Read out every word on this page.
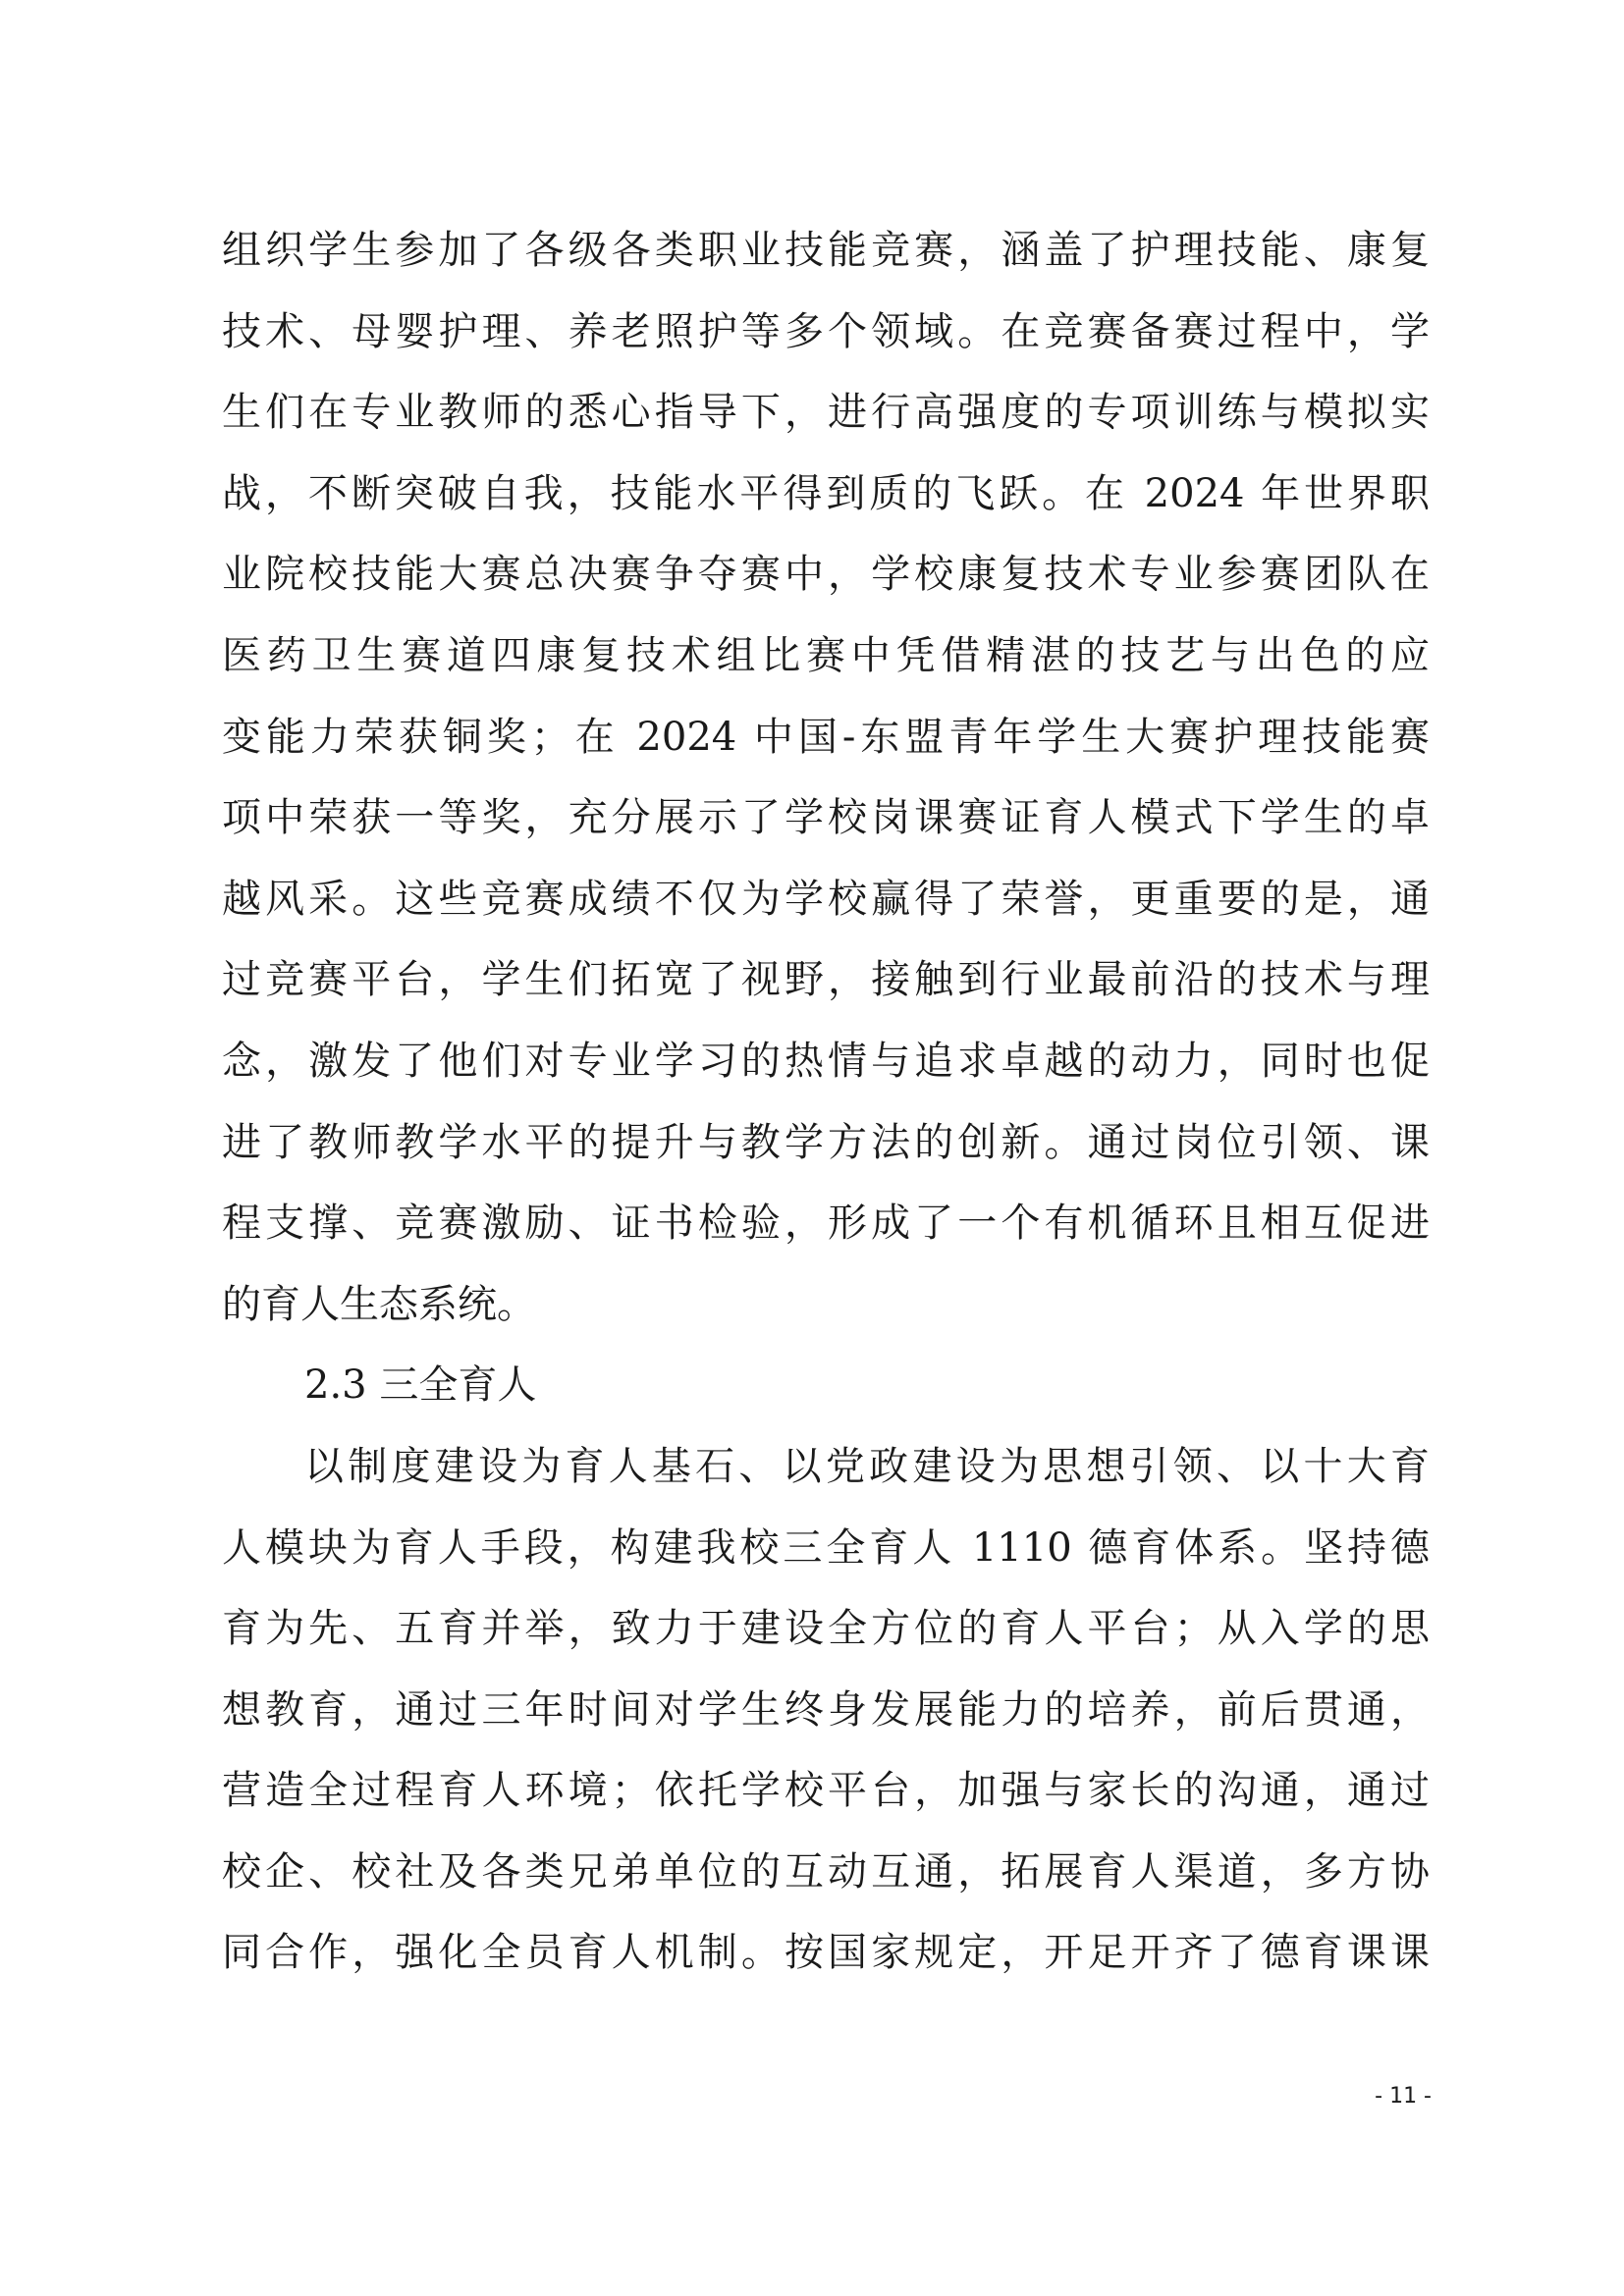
组织学生参加了各级各类职业技能竞赛，涵盖了护理技能、康复
技术、母婴护理、养老照护等多个领域。在竞赛备赛过程中，学
生们在专业教师的悉心指导下，进行高强度的专项训练与模拟实
战，不断突破自我，技能水平得到质的飞跃。在 2024 年世界职
业院校技能大赛总决赛争夺赛中，学校康复技术专业参赛团队在
医药卫生赛道四康复技术组比赛中凭借精湛的技艺与出色的应
变能力荣获铜奖；在 2024 中国-东盟青年学生大赛护理技能赛
项中荣获一等奖，充分展示了学校岗课赛证育人模式下学生的卓
越风采。这些竞赛成绩不仅为学校赢得了荣誉，更重要的是，通
过竞赛平台，学生们拓宽了视野，接触到行业最前沿的技术与理
念，激发了他们对专业学习的热情与追求卓越的动力，同时也促
进了教师教学水平的提升与教学方法的创新。通过岗位引领、课
程支撑、竞赛激励、证书检验，形成了一个有机循环且相互促进
的育人生态系统。
2.3 三全育人
以制度建设为育人基石、以党政建设为思想引领、以十大育
人模块为育人手段，构建我校三全育人 1110 德育体系。坚持德
育为先、五育并举，致力于建设全方位的育人平台；从入学的思
想教育，通过三年时间对学生终身发展能力的培养，前后贯通，
营造全过程育人环境；依托学校平台，加强与家长的沟通，通过
校企、校社及各类兄弟单位的互动互通，拓展育人渠道，多方协
同合作，强化全员育人机制。按国家规定，开足开齐了德育课课
- 11 -
